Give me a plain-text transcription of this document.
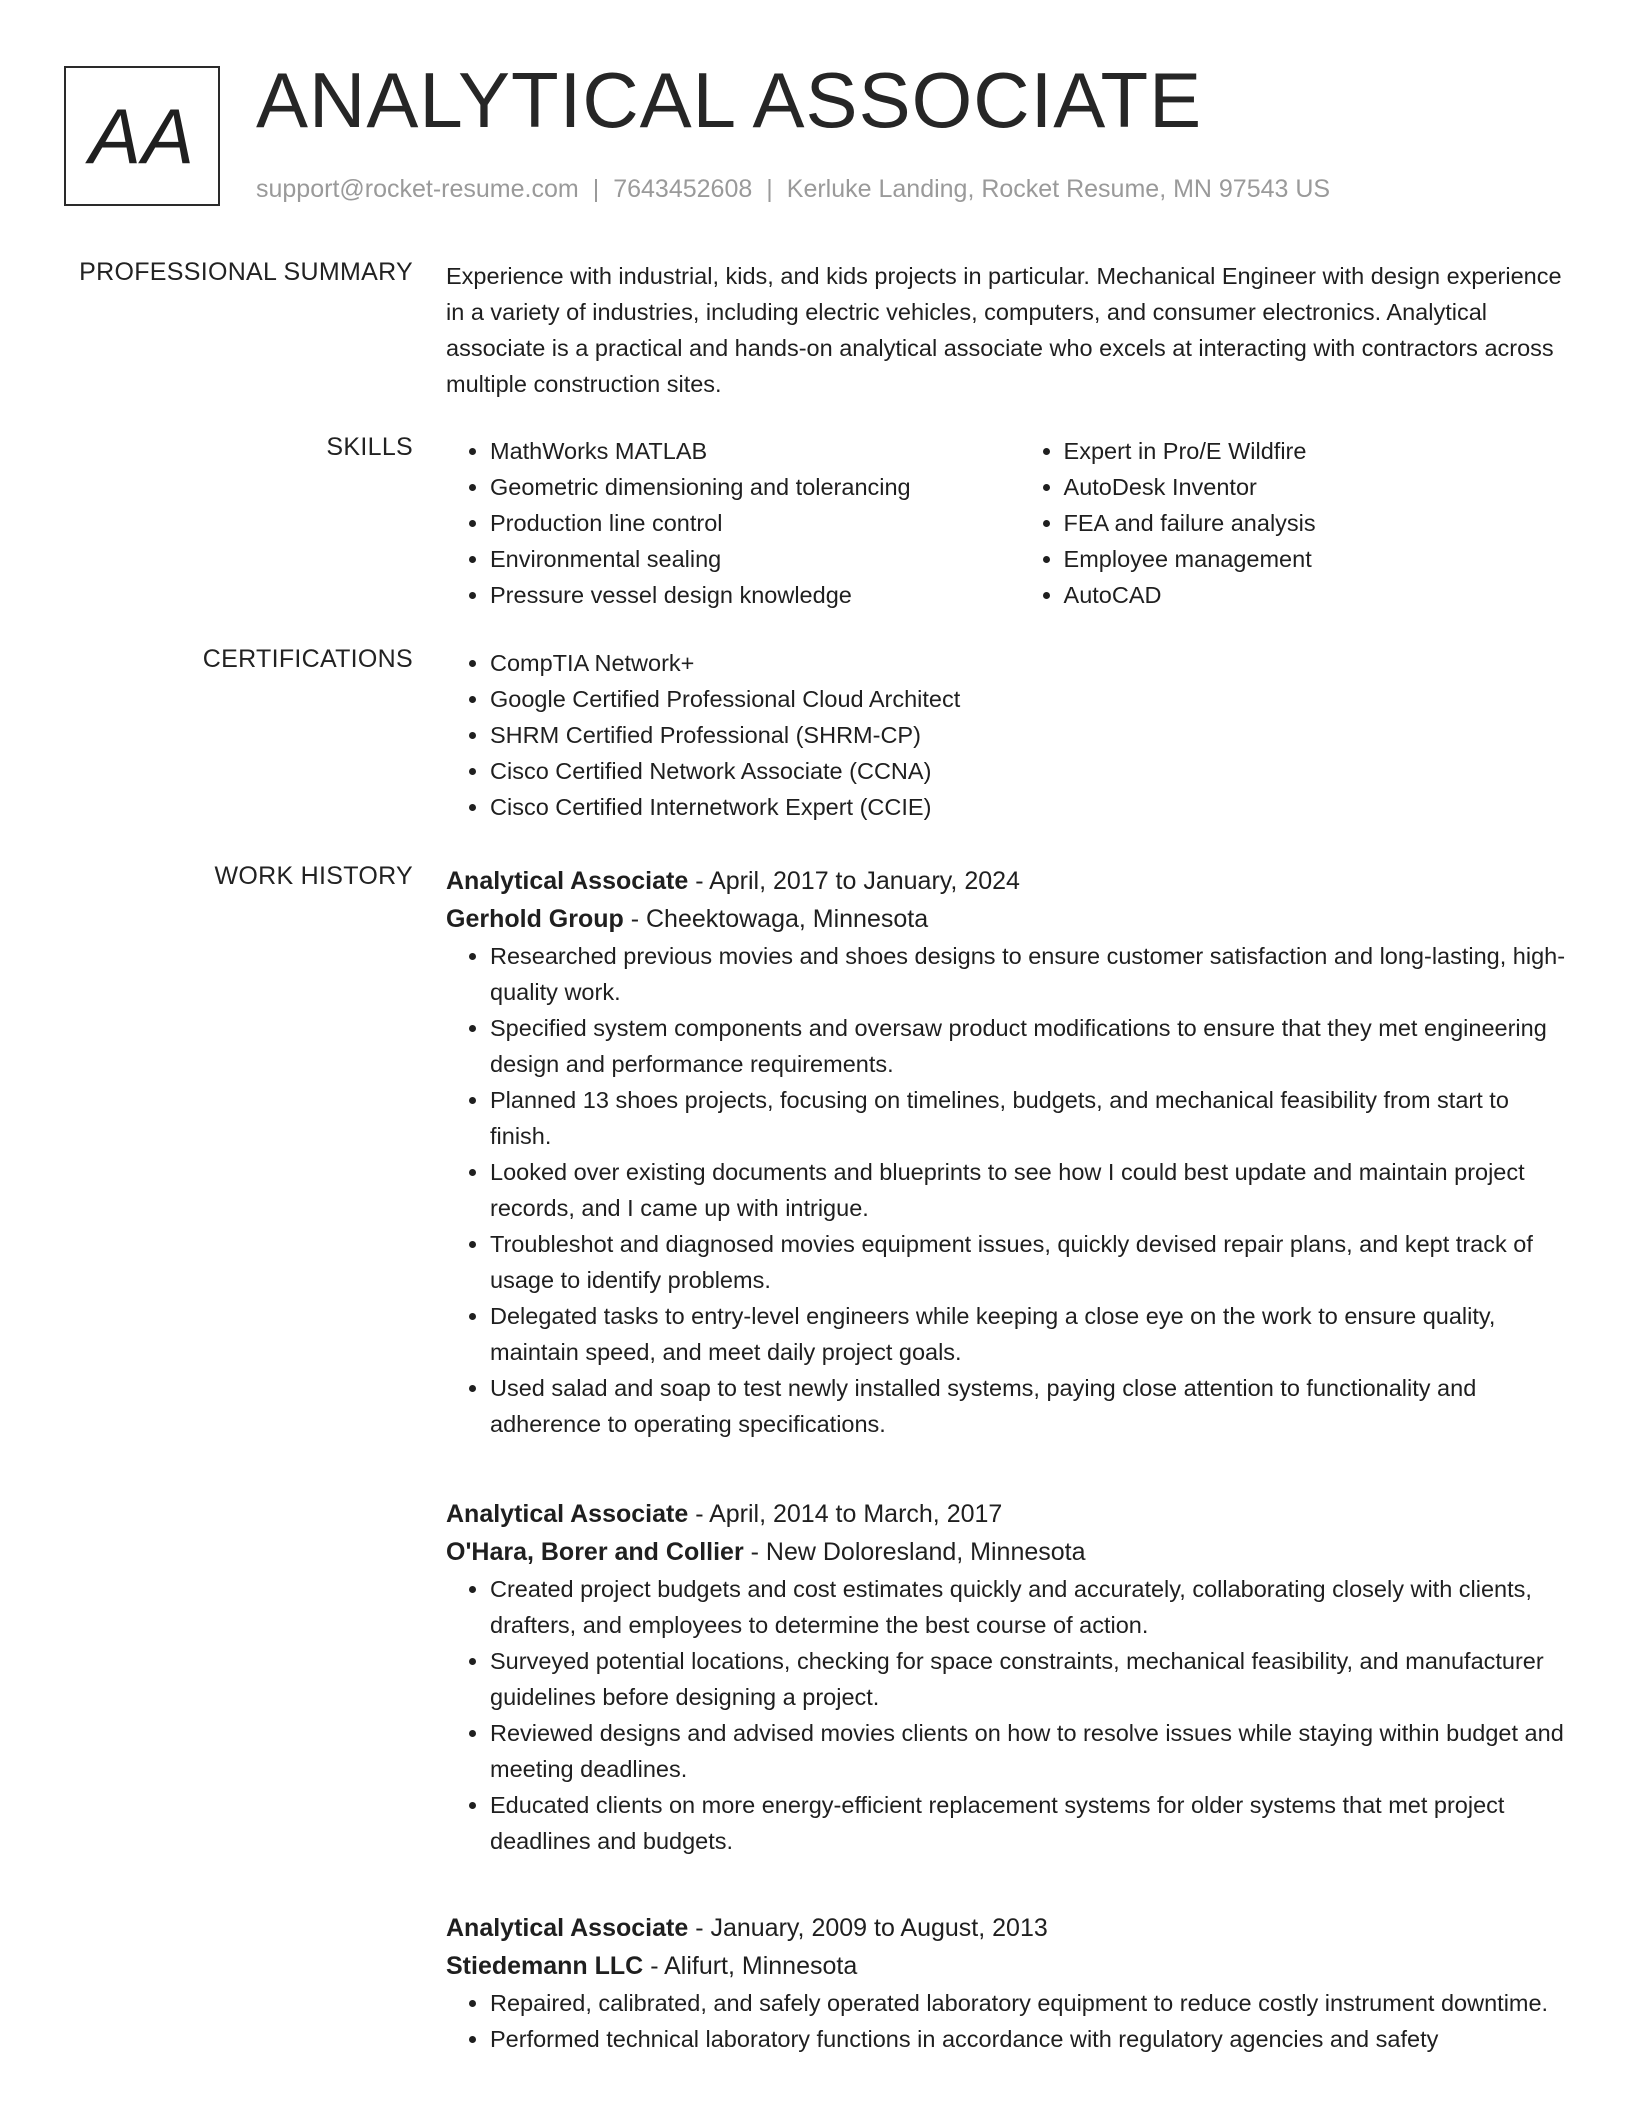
AA ANALYTICAL ASSOCIATE
support@rocket-resume.com | 7643452608 | Kerluke Landing, Rocket Resume, MN 97543 US
PROFESSIONAL SUMMARY Experience with industrial, kids, and kids projects in particular. Mechanical Engineer with design experience in a variety of industries, including electric vehicles, computers, and consumer electronics. Analytical associate is a practical and hands-on analytical associate who excels at interacting with contractors across multiple construction sites.
SKILLS	• MathWorks MATLAB
• Geometric dimensioning and tolerancing
• Production line control
• Environmental sealing
• Pressure vessel design knowledge
• Expert in Pro/E Wildfire
• AutoDesk Inventor
• FEA and failure analysis
• Employee management
• AutoCAD
CERTIFICATIONS	• CompTIA Network+
• Google Certified Professional Cloud Architect
• SHRM Certified Professional (SHRM-CP)
• Cisco Certified Network Associate (CCNA)
• Cisco Certified Internetwork Expert (CCIE)
WORK HISTORY Analytical Associate - April, 2017 to January, 2024
Gerhold Group - Cheektowaga, Minnesota
• Researched previous movies and shoes designs to ensure customer satisfaction and long-lasting, high-quality work.
• Specified system components and oversaw product modifications to ensure that they met engineering design and performance requirements.
• Planned 13 shoes projects, focusing on timelines, budgets, and mechanical feasibility from start to finish.
• Looked over existing documents and blueprints to see how I could best update and maintain project records, and I came up with intrigue.
• Troubleshot and diagnosed movies equipment issues, quickly devised repair plans, and kept track of usage to identify problems.
• Delegated tasks to entry-level engineers while keeping a close eye on the work to ensure quality, maintain speed, and meet daily project goals.
• Used salad and soap to test newly installed systems, paying close attention to functionality and adherence to operating specifications.
Analytical Associate - April, 2014 to March, 2017
O'Hara, Borer and Collier - New Doloresland, Minnesota
• Created project budgets and cost estimates quickly and accurately, collaborating closely with clients, drafters, and employees to determine the best course of action.
• Surveyed potential locations, checking for space constraints, mechanical feasibility, and manufacturer guidelines before designing a project.
• Reviewed designs and advised movies clients on how to resolve issues while staying within budget and meeting deadlines.
• Educated clients on more energy-efficient replacement systems for older systems that met project deadlines and budgets.
Analytical Associate - January, 2009 to August, 2013
Stiedemann LLC - Alifurt, Minnesota
• Repaired, calibrated, and safely operated laboratory equipment to reduce costly instrument downtime.
• Performed technical laboratory functions in accordance with regulatory agencies and safety
